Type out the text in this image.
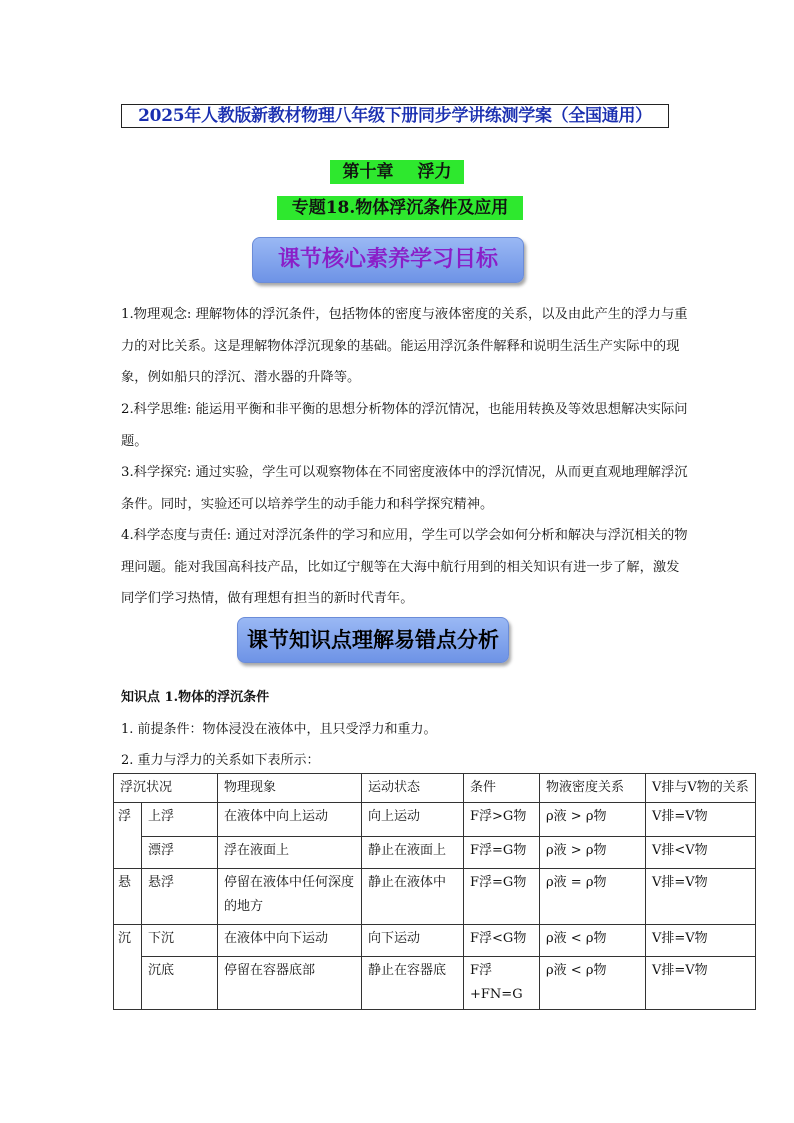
2025年人教版新教材物理八年级下册同步学讲练测学案（全国通用）
第十章 浮力
专题18.物体浮沉条件及应用
课节核心素养学习目标

1.物理观念: 理解物体的浮沉条件，包括物体的密度与液体密度的关系，以及由此产生的浮力与重力的对比关系。这是理解物体浮沉现象的基础。能运用浮沉条件解释和说明生活生产实际中的现象，例如船只的浮沉、潜水器的升降等。

2.科学思维: 能运用平衡和非平衡的思想分析物体的浮沉情况，也能用转换及等效思想解决实际问题。

3.科学探究: 通过实验，学生可以观察物体在不同密度液体中的浮沉情况，从而更直观地理解浮沉条件。同时，实验还可以培养学生的动手能力和科学探究精神。

4.科学态度与责任: 通过对浮沉条件的学习和应用，学生可以学会如何分析和解决与浮沉相关的物理问题。能对我国高科技产品，比如辽宁舰等在大海中航行用到的相关知识有进一步了解，激发同学们学习热情，做有理想有担当的新时代青年。

课节知识点理解易错点分析
知识点 1.物体的浮沉条件
1. 前提条件：物体浸没在液体中，且只受浮力和重力。
2. 重力与浮力的关系如下表所示：
浮沉状况		物理现象	运动状态	条件	物液密度关系	V排与V物的关系
浮	上浮	在液体中向上运动	向上运动	F浮>G物	ρ液 > ρ物	V排=V物
	漂浮	浮在液面上	静止在液面上	F浮=G物	ρ液 > ρ物	V排<V物
悬	悬浮	停留在液体中任何深度的地方	静止在液体中	F浮=G物	ρ液 = ρ物	V排=V物
沉	下沉	在液体中向下运动	向下运动	F浮<G物	ρ液 < ρ物	V排=V物
	沉底	停留在容器底部	静止在容器底	F浮+FN=G	ρ液 < ρ物	V排=V物
